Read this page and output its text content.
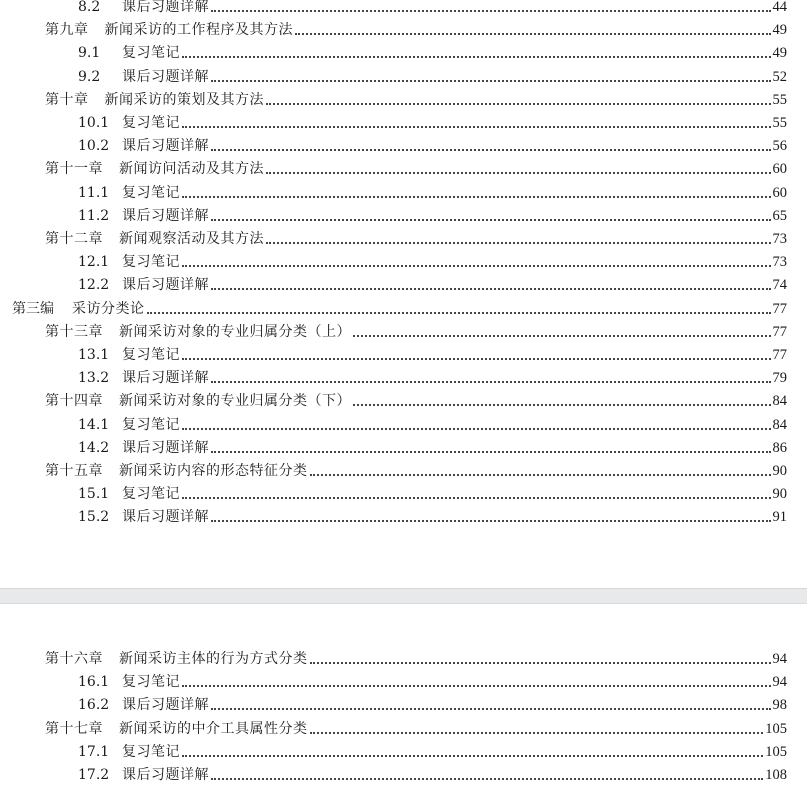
8.2	课后习题详解	44
第九章 新闻采访的工作程序及其方法	49
9.1	复习笔记	49
9.2	课后习题详解	52
第十章 新闻采访的策划及其方法	55
10.1 复习笔记	55
10.2 课后习题详解	56
第十一章 新闻访问活动及其方法	60
11.1 复习笔记	60
11.2 课后习题详解	65
第十二章 新闻观察活动及其方法	73
12.1 复习笔记	73
12.2 课后习题详解	74
第三编	采访分类论	77
第十三章 新闻采访对象的专业归属分类（上）	77
13.1 复习笔记	77
13.2 课后习题详解	79
第十四章 新闻采访对象的专业归属分类（下）	84
14.1 复习笔记	84
14.2 课后习题详解	86
第十五章 新闻采访内容的形态特征分类	90
15.1 复习笔记	90
15.2 课后习题详解	91
第十六章 新闻采访主体的行为方式分类	94
16.1 复习笔记	94
16.2 课后习题详解	98
第十七章 新闻采访的中介工具属性分类	105
17.1 复习笔记	105
17.2 课后习题详解	108
